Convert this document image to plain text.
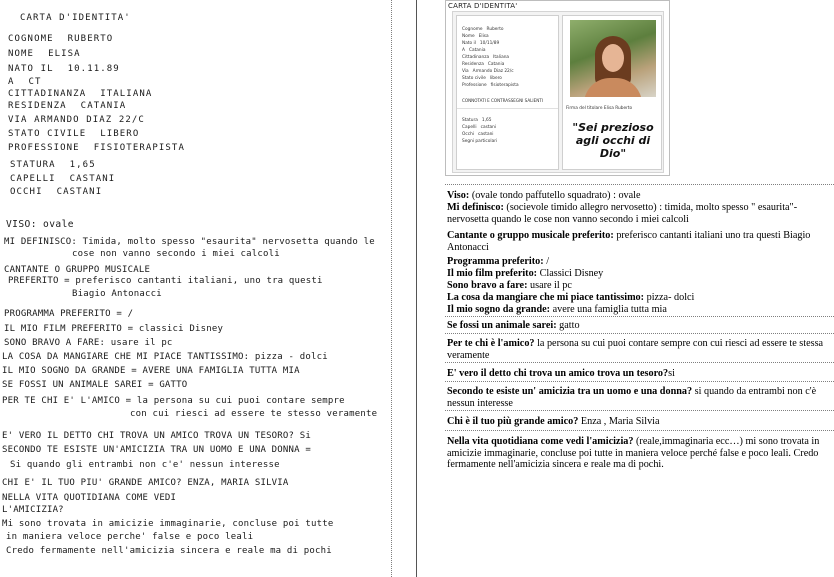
CARTA D'IDENTITA'
COGNOME RUBERTO
NOME ELISA
NATO IL 10.11.89
A CT
CITTADINANZA ITALIANA
RESIDENZA CATANIA
VIA ARMANDO DIAZ 22/C
STATO CIVILE LIBERO
PROFESSIONE FISIOTERAPISTA
STATURA 1,65
CAPELLI CASTANI
OCCHI CASTANI
VISO: ovale
MI DEFINISCO: Timida, molto spesso "esaurita" nervosetta quando le
cose non vanno secondo i miei calcoli
CANTANTE O GRUPPO MUSICALE
PREFERITO = preferisco cantanti italiani, uno tra questi
Biagio Antonacci
PROGRAMMA PREFERITO = /
IL MIO FILM PREFERITO = classici Disney
SONO BRAVO A FARE: usare il pc
LA COSA DA MANGIARE CHE MI PIACE TANTISSIMO: pizza - dolci
IL MIO SOGNO DA GRANDE = AVERE UNA FAMIGLIA TUTTA MIA
SE FOSSI UN ANIMALE SAREI = GATTO
PER TE CHI E' L'AMICO = la persona su cui puoi contare sempre
con cui riesci ad essere te stesso veramente
E' VERO IL DETTO CHI TROVA UN AMICO TROVA UN TESORO? Si
SECONDO TE ESISTE UN'AMICIZIA TRA UN UOMO E UNA DONNA =
Si quando gli entrambi non c'e' nessun interesse
CHI E' IL TUO PIU' GRANDE AMICO? ENZA, MARIA SILVIA
NELLA VITA QUOTIDIANA COME VEDI
L'AMICIZIA?
Mi sono trovata in amicizie immaginarie, concluse poi tutte
in maniera veloce perche' false e poco leali
Credo fermamente nell'amicizia sincera e reale ma di pochi
CARTA D'IDENTITA'
Cognome Ruberto
Nome Elisa
Nato il 10/11/89
A Catania
Cittadinanza Italiana
Residenza Catania
Via Armando Diaz 22/c
Stato civile libero
Professione fisioterapista
CONNOTATI E CONTRASSEGNI SALIENTI
Statura 1,65
Capelli castani
Occhi castani
Segni particolari
Firma del titolare Elisa Ruberto
"Sei prezioso agli occhi di Dio"
Viso: (ovale tondo paffutello squadrato) : ovale
Mi definisco: (socievole timido allegro nervosetto) : timida, molto spesso " esaurita"- nervosetta quando le cose non vanno secondo i miei calcoli
Cantante o gruppo musicale preferito: preferisco cantanti italiani uno tra questi Biagio Antonacci
Programma preferito: /
Il mio film preferito: Classici Disney
Sono bravo a fare: usare il pc
La cosa da mangiare che mi piace tantissimo: pizza- dolci
Il mio sogno da grande: avere una famiglia tutta mia
Se fossi un animale sarei: gatto
Per te chi è l'amico? la persona su cui puoi contare sempre con cui riesci ad essere te stessa veramente
E' vero il detto chi trova un amico trova un tesoro?si
Secondo te esiste un' amicizia tra un uomo e una donna? si quando da entrambi non c'è nessun interesse
Chi è il tuo più grande amico? Enza , Maria Silvia
Nella vita quotidiana come vedi l'amicizia? (reale,immaginaria ecc…) mi sono trovata in amicizie immaginarie, concluse poi tutte in maniera veloce perché false e poco leali. Credo fermamente nell'amicizia sincera e reale ma di pochi.
